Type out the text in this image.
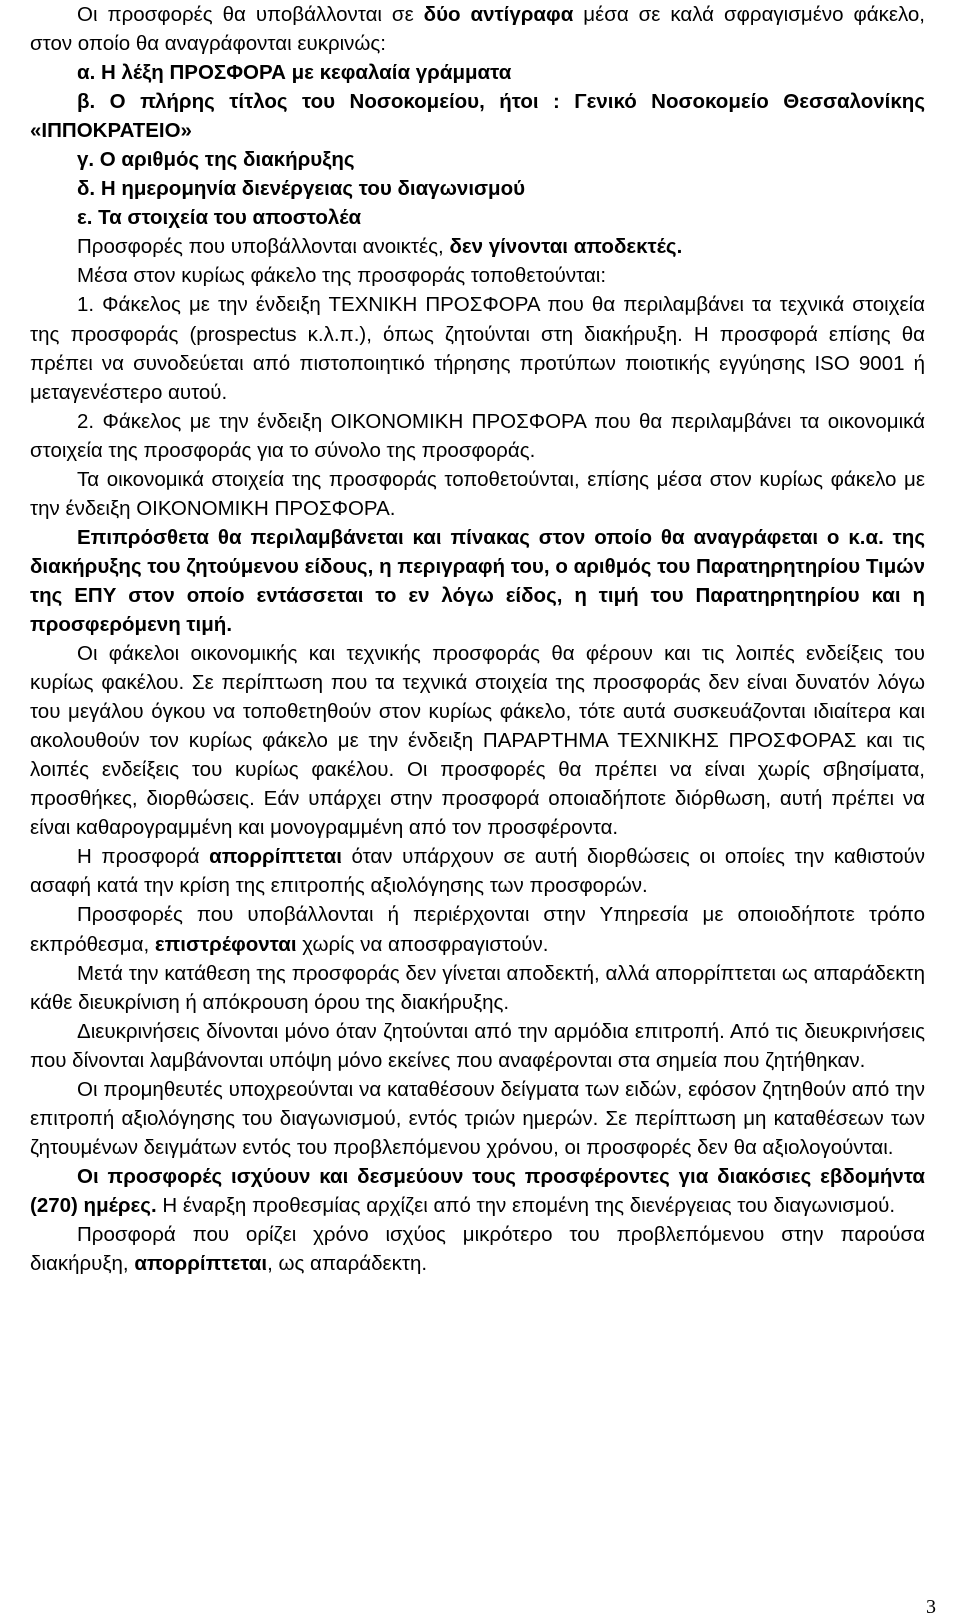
Οι προσφορές θα υποβάλλονται σε δύο αντίγραφα μέσα σε καλά σφραγισμένο φάκελο, στον οποίο θα αναγράφονται ευκρινώς:

α. Η λέξη ΠΡΟΣΦΟΡΑ με κεφαλαία γράμματα

β. Ο πλήρης τίτλος του Νοσοκομείου, ήτοι : Γενικό Νοσοκομείο Θεσσαλονίκης «ΙΠΠΟΚΡΑΤΕΙΟ»

γ. Ο αριθμός της διακήρυξης

δ. Η ημερομηνία διενέργειας του διαγωνισμού

ε. Τα στοιχεία του αποστολέα

Προσφορές που υποβάλλονται ανοικτές, δεν γίνονται αποδεκτές.

Μέσα στον κυρίως φάκελο της προσφοράς τοποθετούνται:

1. Φάκελος με την ένδειξη ΤΕΧΝΙΚΗ ΠΡΟΣΦΟΡΑ που θα περιλαμβάνει τα τεχνικά στοιχεία της προσφοράς (prospectus κ.λ.π.), όπως ζητούνται στη διακήρυξη. Η προσφορά επίσης θα πρέπει να συνοδεύεται από πιστοποιητικό τήρησης προτύπων ποιοτικής εγγύησης ISO 9001 ή μεταγενέστερο αυτού.

2. Φάκελος με την ένδειξη ΟΙΚΟΝΟΜΙΚΗ ΠΡΟΣΦΟΡΑ που θα περιλαμβάνει τα οικονομικά στοιχεία της προσφοράς για το σύνολο της προσφοράς.

Τα οικονομικά στοιχεία της προσφοράς τοποθετούνται, επίσης μέσα στον κυρίως φάκελο με την ένδειξη ΟΙΚΟΝΟΜΙΚΗ ΠΡΟΣΦΟΡΑ.

Επιπρόσθετα θα περιλαμβάνεται και πίνακας στον οποίο θα αναγράφεται ο κ.α. της διακήρυξης του ζητούμενου είδους, η περιγραφή του, ο αριθμός του Παρατηρητηρίου Τιμών της ΕΠΥ στον οποίο εντάσσεται το εν λόγω είδος, η τιμή του Παρατηρητηρίου και η προσφερόμενη τιμή.

Οι φάκελοι οικονομικής και τεχνικής προσφοράς θα φέρουν και τις λοιπές ενδείξεις του κυρίως φακέλου. Σε περίπτωση που τα τεχνικά στοιχεία της προσφοράς δεν είναι δυνατόν λόγω του μεγάλου όγκου να τοποθετηθούν στον κυρίως φάκελο, τότε αυτά συσκευάζονται ιδιαίτερα και ακολουθούν τον κυρίως φάκελο με την ένδειξη ΠΑΡΑΡΤΗΜΑ ΤΕΧΝΙΚΗΣ ΠΡΟΣΦΟΡΑΣ και τις λοιπές ενδείξεις του κυρίως φακέλου. Οι προσφορές θα πρέπει να είναι χωρίς σβησίματα, προσθήκες, διορθώσεις. Εάν υπάρχει στην προσφορά οποιαδήποτε διόρθωση, αυτή πρέπει να είναι καθαρογραμμένη και μονογραμμένη από τον προσφέροντα.

Η προσφορά απορρίπτεται όταν υπάρχουν σε αυτή διορθώσεις οι οποίες την καθιστούν ασαφή κατά την κρίση της επιτροπής αξιολόγησης των προσφορών.

Προσφορές που υποβάλλονται ή περιέρχονται στην Υπηρεσία με οποιοδήποτε τρόπο εκπρόθεσμα, επιστρέφονται χωρίς να αποσφραγιστούν.

Μετά την κατάθεση της προσφοράς δεν γίνεται αποδεκτή, αλλά απορρίπτεται ως απαράδεκτη κάθε διευκρίνιση ή απόκρουση όρου της διακήρυξης.

Διευκρινήσεις δίνονται μόνο όταν ζητούνται από την αρμόδια επιτροπή. Από τις διευκρινήσεις που δίνονται λαμβάνονται υπόψη μόνο εκείνες που αναφέρονται στα σημεία που ζητήθηκαν.

Οι προμηθευτές υποχρεούνται να καταθέσουν δείγματα των ειδών, εφόσον ζητηθούν από την επιτροπή αξιολόγησης του διαγωνισμού, εντός τριών ημερών. Σε περίπτωση μη καταθέσεων των ζητουμένων δειγμάτων εντός του προβλεπόμενου χρόνου, οι προσφορές δεν θα αξιολογούνται.

Οι προσφορές ισχύουν και δεσμεύουν τους προσφέροντες για διακόσιες εβδομήντα (270) ημέρες. Η έναρξη προθεσμίας αρχίζει από την επομένη της διενέργειας του διαγωνισμού.

Προσφορά που ορίζει χρόνο ισχύος μικρότερο του προβλεπόμενου στην παρούσα διακήρυξη, απορρίπτεται, ως απαράδεκτη.

3
